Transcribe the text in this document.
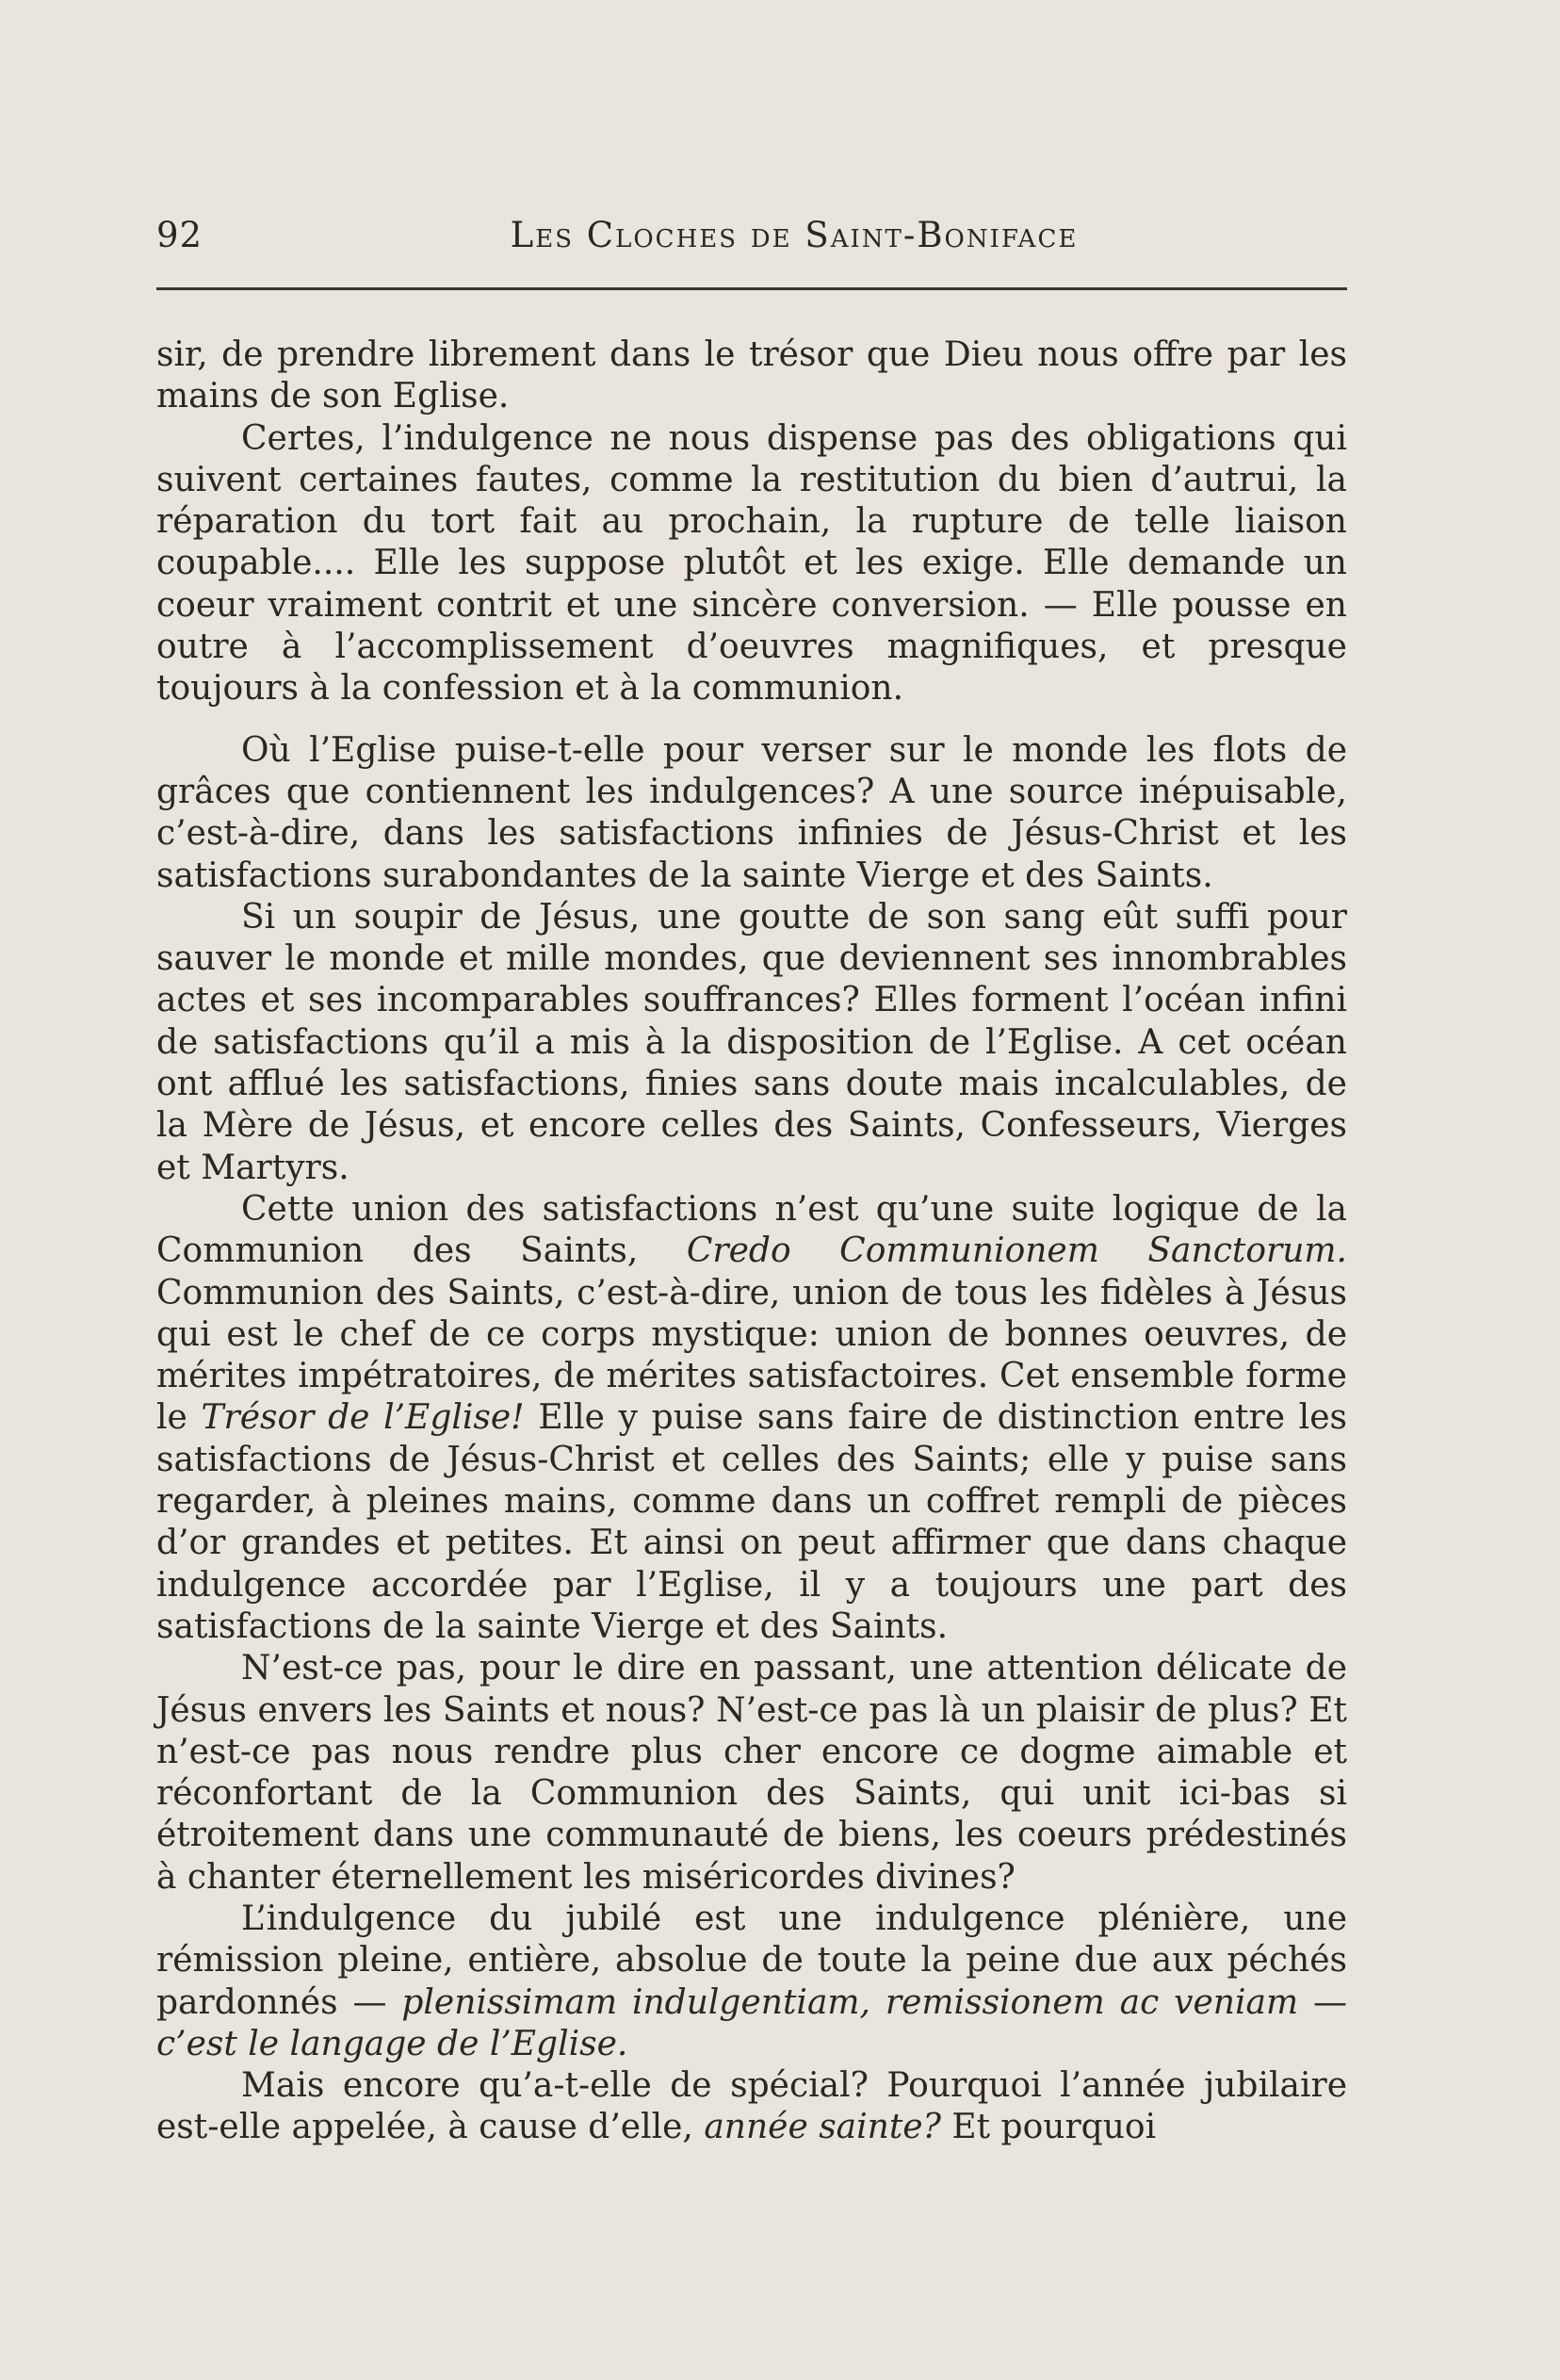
92	Les Cloches de Saint-Boniface

sir, de prendre librement dans le trésor que Dieu nous offre par les mains de son Eglise.

Certes, l’indulgence ne nous dispense pas des obligations qui suivent certaines fautes, comme la restitution du bien d’autrui, la réparation du tort fait au prochain, la rupture de telle liaison coupable.... Elle les suppose plutôt et les exige. Elle demande un coeur vraiment contrit et une sincère conversion. — Elle pousse en outre à l’accomplissement d’oeuvres magnifiques, et presque toujours à la confession et à la communion.

Où l’Eglise puise-t-elle pour verser sur le monde les flots de grâces que contiennent les indulgences? A une source inépuisable, c’est-à-dire, dans les satisfactions infinies de Jésus-Christ et les satisfactions surabondantes de la sainte Vierge et des Saints.

Si un soupir de Jésus, une goutte de son sang eût suffi pour sauver le monde et mille mondes, que deviennent ses innombrables actes et ses incomparables souffrances? Elles forment l’océan infini de satisfactions qu’il a mis à la disposition de l’Eglise. A cet océan ont afflué les satisfactions, finies sans doute mais incalculables, de la Mère de Jésus, et encore celles des Saints, Confesseurs, Vierges et Martyrs.

Cette union des satisfactions n’est qu’une suite logique de la Communion des Saints, Credo Communionem Sanctorum. Communion des Saints, c’est-à-dire, union de tous les fidèles à Jésus qui est le chef de ce corps mystique: union de bonnes oeuvres, de mérites impétratoires, de mérites satisfactoires. Cet ensemble forme le Trésor de l’Eglise! Elle y puise sans faire de distinction entre les satisfactions de Jésus-Christ et celles des Saints; elle y puise sans regarder, à pleines mains, comme dans un coffret rempli de pièces d’or grandes et petites. Et ainsi on peut affirmer que dans chaque indulgence accordée par l’Eglise, il y a toujours une part des satisfactions de la sainte Vierge et des Saints.

N’est-ce pas, pour le dire en passant, une attention délicate de Jésus envers les Saints et nous? N’est-ce pas là un plaisir de plus? Et n’est-ce pas nous rendre plus cher encore ce dogme aimable et réconfortant de la Communion des Saints, qui unit ici-bas si étroitement dans une communauté de biens, les coeurs prédestinés à chanter éternellement les miséricordes divines?

L’indulgence du jubilé est une indulgence plénière, une rémission pleine, entière, absolue de toute la peine due aux péchés pardonnés — plenissimam indulgentiam, remissionem ac veniam — c’est le langage de l’Eglise.

Mais encore qu’a-t-elle de spécial? Pourquoi l’année jubilaire est-elle appelée, à cause d’elle, année sainte? Et pourquoi
